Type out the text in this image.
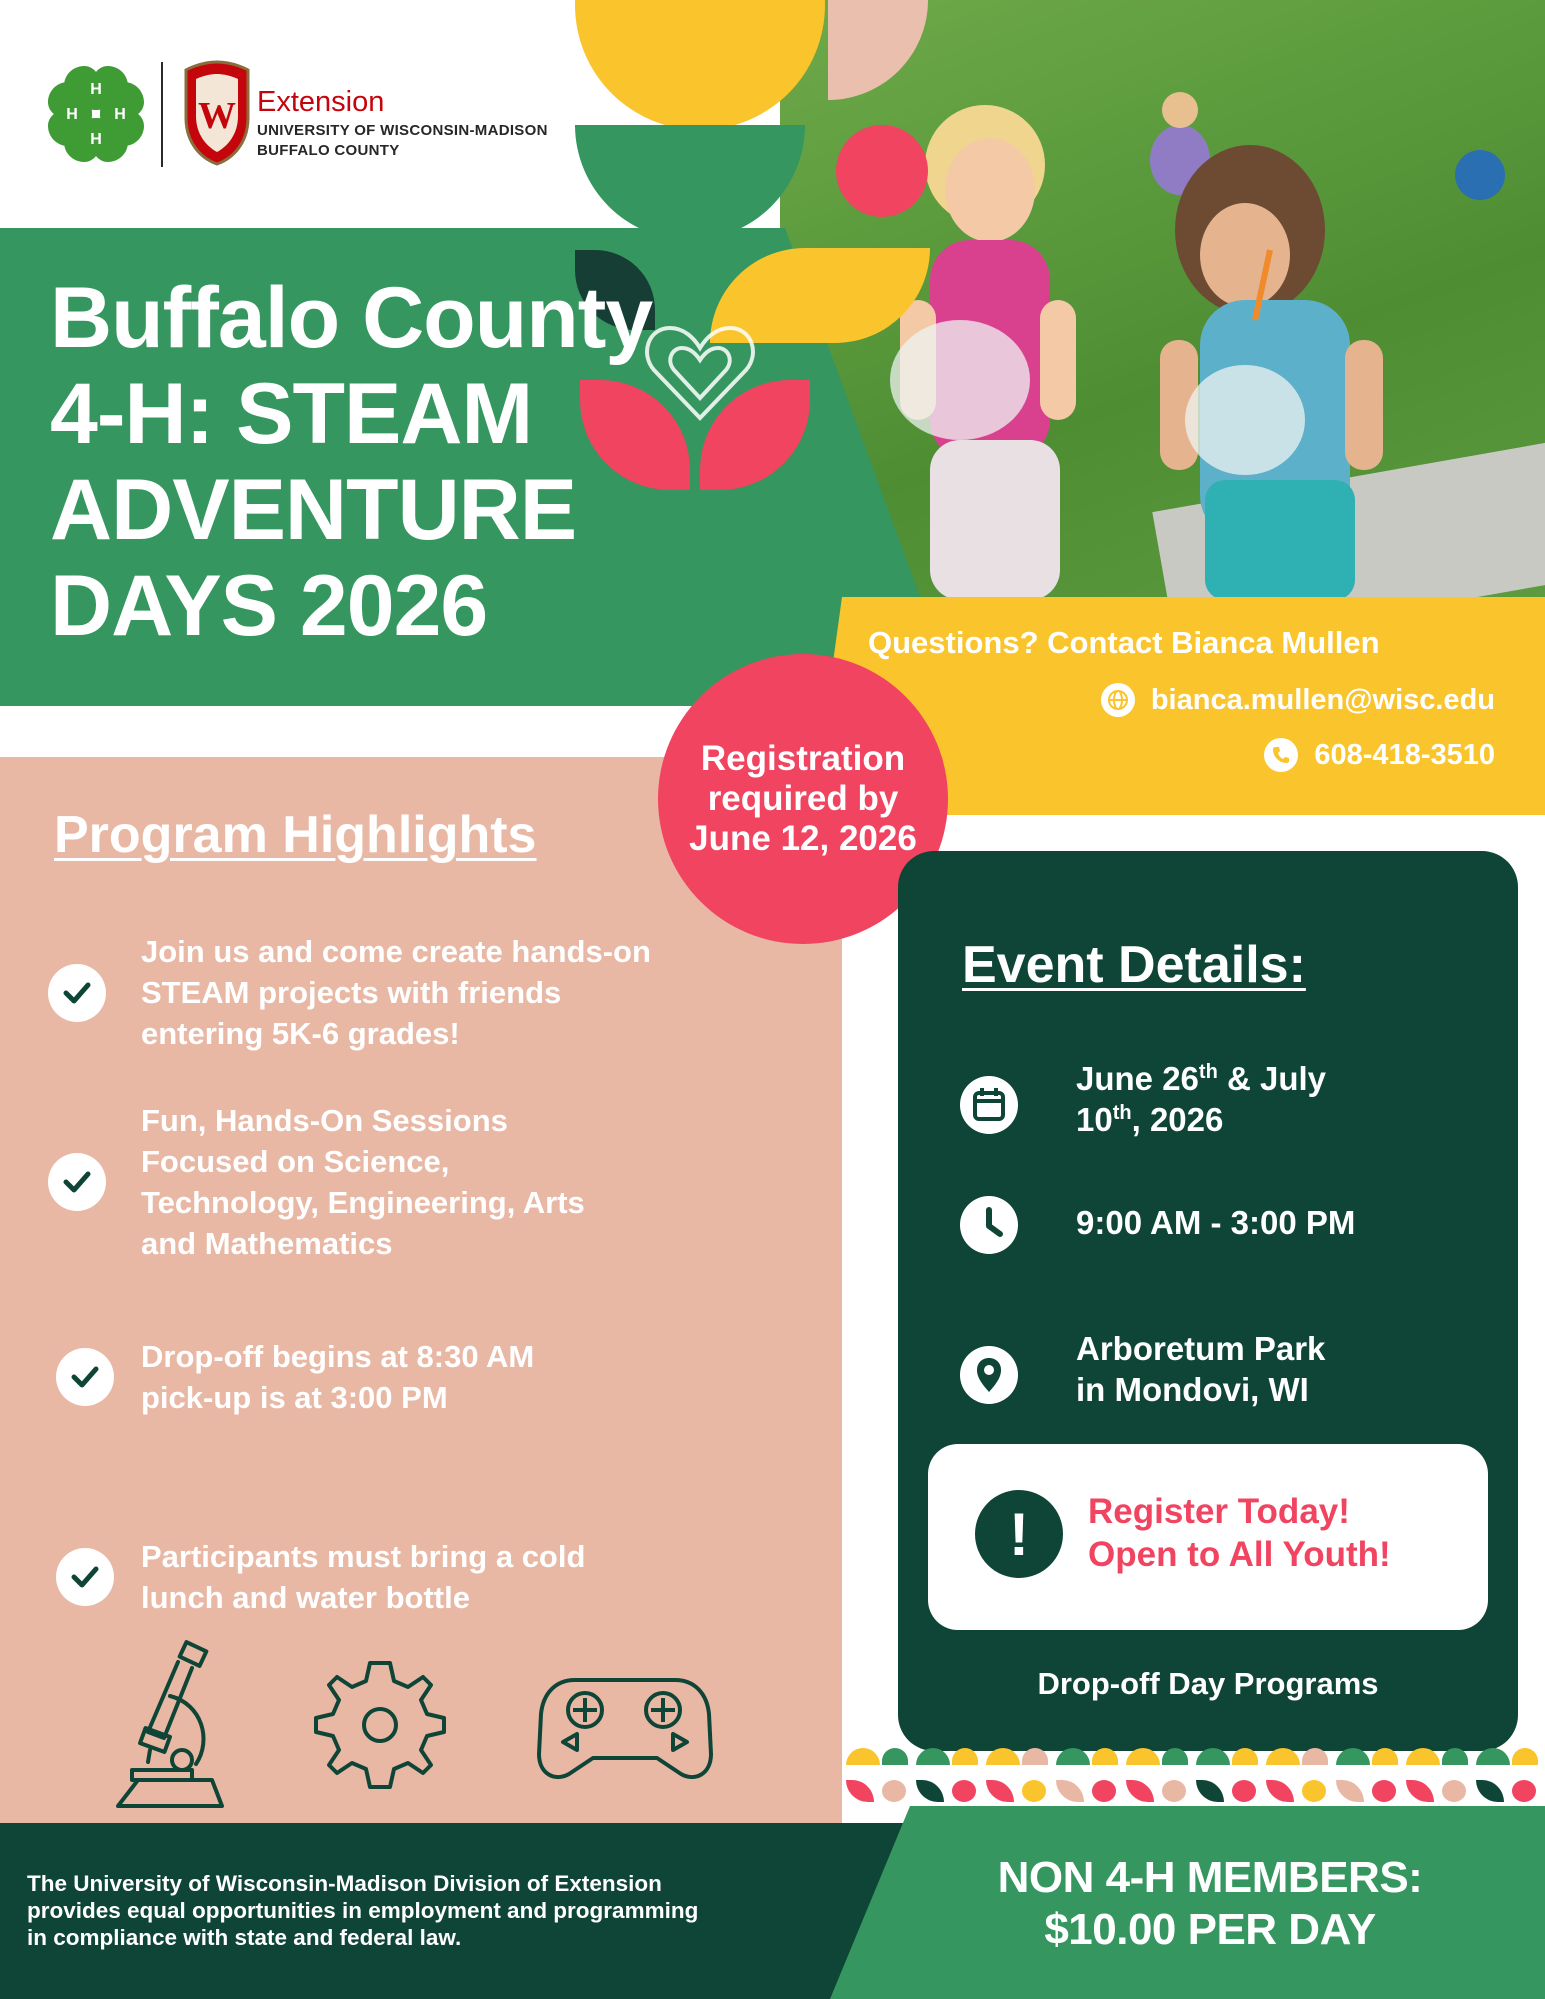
H
H
H
H	W Extension
UNIVERSITY OF WISCONSIN-MADISON
BUFFALO COUNTY
Buffalo County
4-H: STEAM
ADVENTURE
DAYS 2026	Questions? Contact Bianca Mullen
bianca.mullen@wisc.edu
608-418-3510
Program Highlights
Join us and come create hands-on
STEAM projects with friends
entering 5K-6 grades!
Fun, Hands-On Sessions
Focused on Science,
Technology, Engineering, Arts
and Mathematics
Drop-off begins at 8:30 AM
pick-up is at 3:00 PM
Participants must bring a cold
lunch and water bottle
Registration
required by
June 12, 2026
Event Details:
June 26th & July
10th, 2026
9:00 AM - 3:00 PM
Arboretum Park
in Mondovi, WI
!	Register Today!
Open to All Youth!
Drop-off Day Programs
The University of Wisconsin-Madison Division of Extension
provides equal opportunities in employment and programming
in compliance with state and federal law.
NON 4-H MEMBERS:
$10.00 PER DAY
